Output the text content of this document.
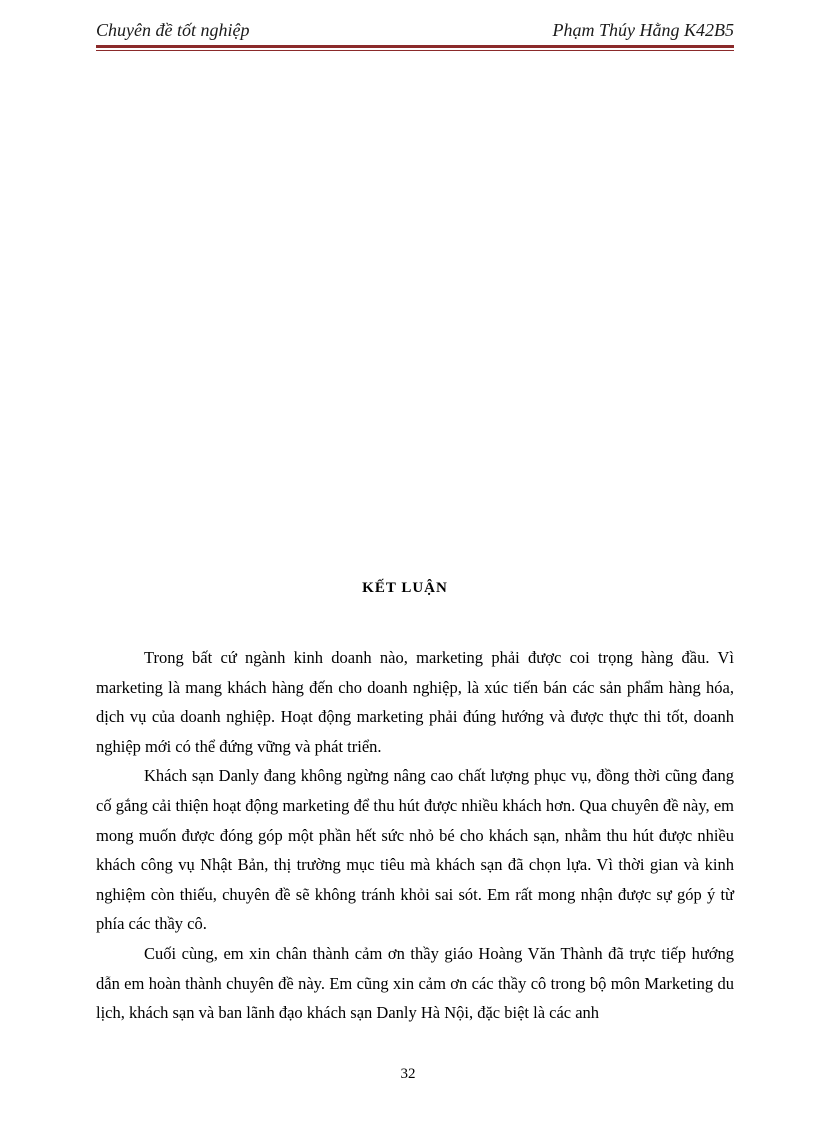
Chuyên đề tốt nghiệp	Phạm Thúy Hằng K42B5
KẾT LUẬN

Trong bất cứ ngành kinh doanh nào, marketing phải được coi trọng hàng đầu. Vì marketing là mang khách hàng đến cho doanh nghiệp, là xúc tiến bán các sản phẩm hàng hóa, dịch vụ của doanh nghiệp. Hoạt động marketing phải đúng hướng và được thực thi tốt, doanh nghiệp mới có thể đứng vững và phát triển.

Khách sạn Danly đang không ngừng nâng cao chất lượng phục vụ, đồng thời cũng đang cố gắng cải thiện hoạt động marketing để thu hút được nhiều khách hơn. Qua chuyên đề này, em mong muốn được đóng góp một phần hết sức nhỏ bé cho khách sạn, nhằm thu hút được nhiều khách công vụ Nhật Bản, thị trường mục tiêu mà khách sạn đã chọn lựa. Vì thời gian và kinh nghiệm còn thiếu, chuyên đề sẽ không tránh khỏi sai sót. Em rất mong nhận được sự góp ý từ phía các thầy cô.

Cuối cùng, em xin chân thành cảm ơn thầy giáo Hoàng Văn Thành đã trực tiếp hướng dẫn em hoàn thành chuyên đề này. Em cũng xin cảm ơn các thầy cô trong bộ môn Marketing du lịch, khách sạn và ban lãnh đạo khách sạn Danly Hà Nội, đặc biệt là các anh

32
